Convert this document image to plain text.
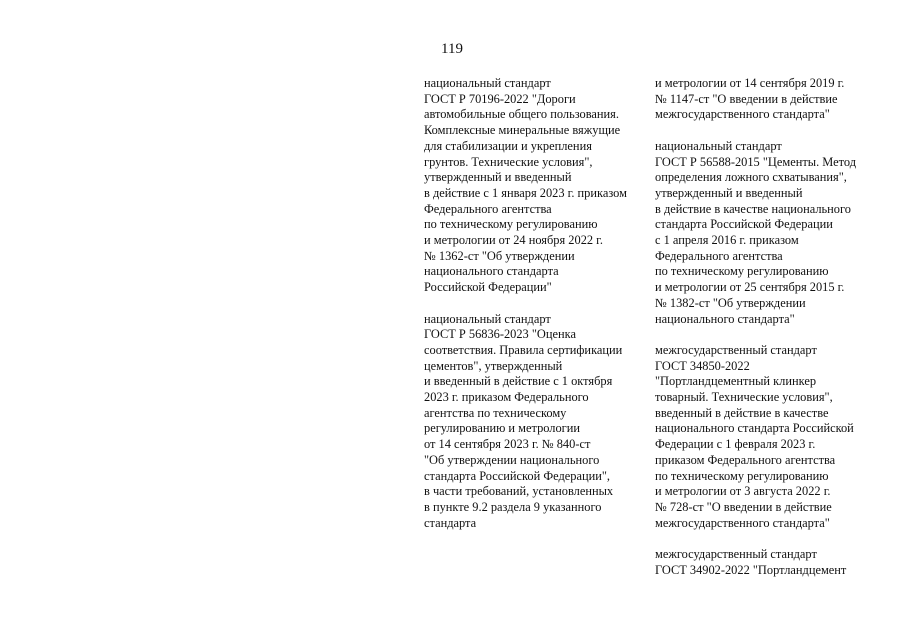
119
национальный стандарт
ГОСТ Р 70196-2022 "Дороги
автомобильные общего пользования.
Комплексные минеральные вяжущие
для стабилизации и укрепления
грунтов. Технические условия",
утвержденный и введенный
в действие с 1 января 2023 г. приказом
Федерального агентства
по техническому регулированию
и метрологии от 24 ноября 2022 г.
№ 1362-ст "Об утверждении
национального стандарта
Российской Федерации"
национальный стандарт
ГОСТ Р 56836-2023 "Оценка
соответствия. Правила сертификации
цементов", утвержденный
и введенный в действие с 1 октября
2023 г. приказом Федерального
агентства по техническому
регулированию и метрологии
от 14 сентября 2023 г. № 840-ст
"Об утверждении национального
стандарта Российской Федерации",
в части требований, установленных
в пункте 9.2 раздела 9 указанного
стандарта
и метрологии от 14 сентября 2019 г.
№ 1147-ст "О введении в действие
межгосударственного стандарта"
национальный стандарт
ГОСТ Р 56588-2015 "Цементы. Метод
определения ложного схватывания",
утвержденный и введенный
в действие в качестве национального
стандарта Российской Федерации
с 1 апреля 2016 г. приказом
Федерального агентства
по техническому регулированию
и метрологии от 25 сентября 2015 г.
№ 1382-ст "Об утверждении
национального стандарта"
межгосударственный стандарт
ГОСТ 34850-2022
"Портландцементный клинкер
товарный. Технические условия",
введенный в действие в качестве
национального стандарта Российской
Федерации с 1 февраля 2023 г.
приказом Федерального агентства
по техническому регулированию
и метрологии от 3 августа 2022 г.
№ 728-ст "О введении в действие
межгосударственного стандарта"
межгосударственный стандарт
ГОСТ 34902-2022 "Портландцемент
